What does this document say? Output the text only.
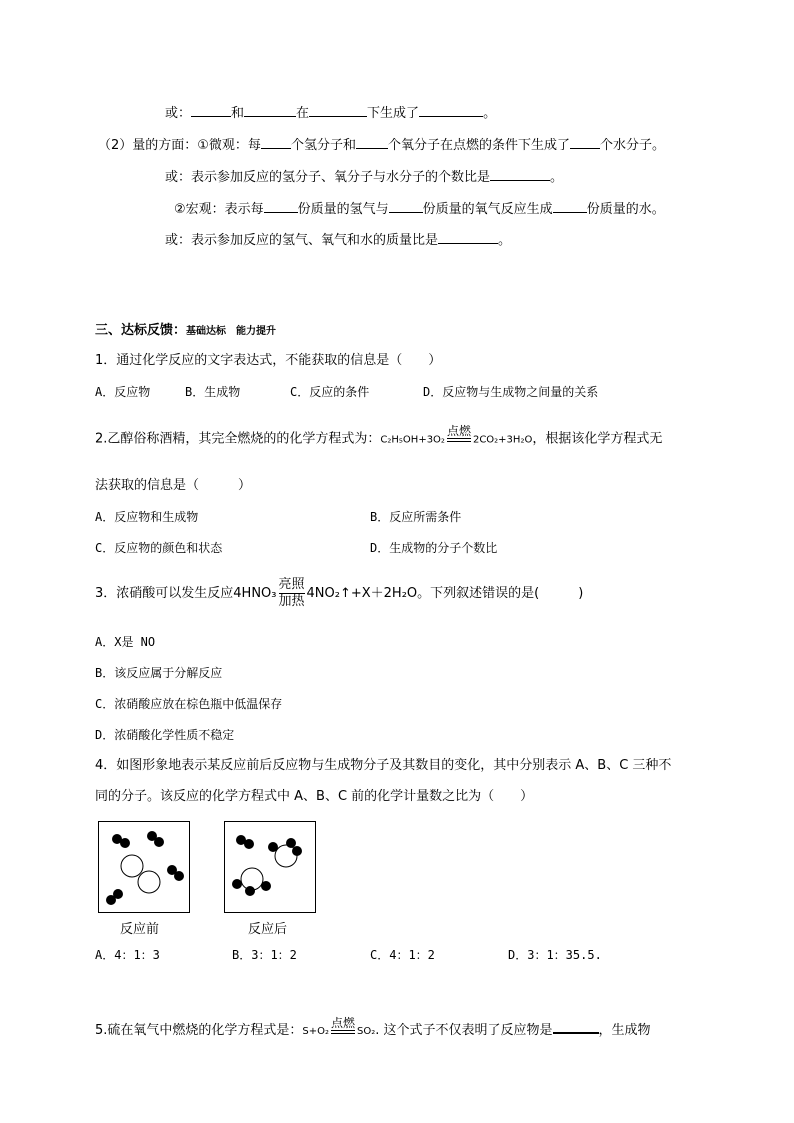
或：	和	在	下生成了	。
（2）量的方面：①微观：每 个氢分子和 个氧分子在点燃的条件下生成了 个水分子。
或：表示参加反应的氢分子、氧分子与水分子的个数比是	。
②宏观：表示每	份质量的氢气与	份质量的氧气反应生成	份质量的水。
或：表示参加反应的氢气、氧气和水的质量比是	。
三、达标反馈：基础达标　能力提升
1．通过化学反应的文字表达式，不能获取的信息是（　　）
A．反应物	B．生成物	C．反应的条件	D．反应物与生成物之间量的关系
2.乙醇俗称酒精，其完全燃烧的的化学方程式为：C₂H₅OH+3O₂
点燃
2CO₂+3H₂O，根据该化学方程式无
法获取的信息是（　　　）
A．反应物和生成物	B．反应所需条件
C．反应物的颜色和状态	D．生成物的分子个数比
3．浓硝酸可以发生反应$4HNO_3 \frac{\text{亮照}}{\text{加热}}$ 4NO₂↑+X＋2H₂O。下列叙述错误的是(　　　)
A．X是 NO
B．该反应属于分解反应
C．浓硝酸应放在棕色瓶中低温保存
D．浓硝酸化学性质不稳定
4．如图形象地表示某反应前后反应物与生成物分子及其数目的变化，其中分别表示 A、B、C 三种不
同的分子。该反应的化学方程式中 A、B、C 前的化学计量数之比为（　　）
反应前	反应后
A．4：1：3	B．3：1：2	C．4：1：2	D．3：1：35.5.
5.硫在氧气中燃烧的化学方程式是：S+O₂
点燃
SO₂. 这个式子不仅表明了反应物是	，生成物
